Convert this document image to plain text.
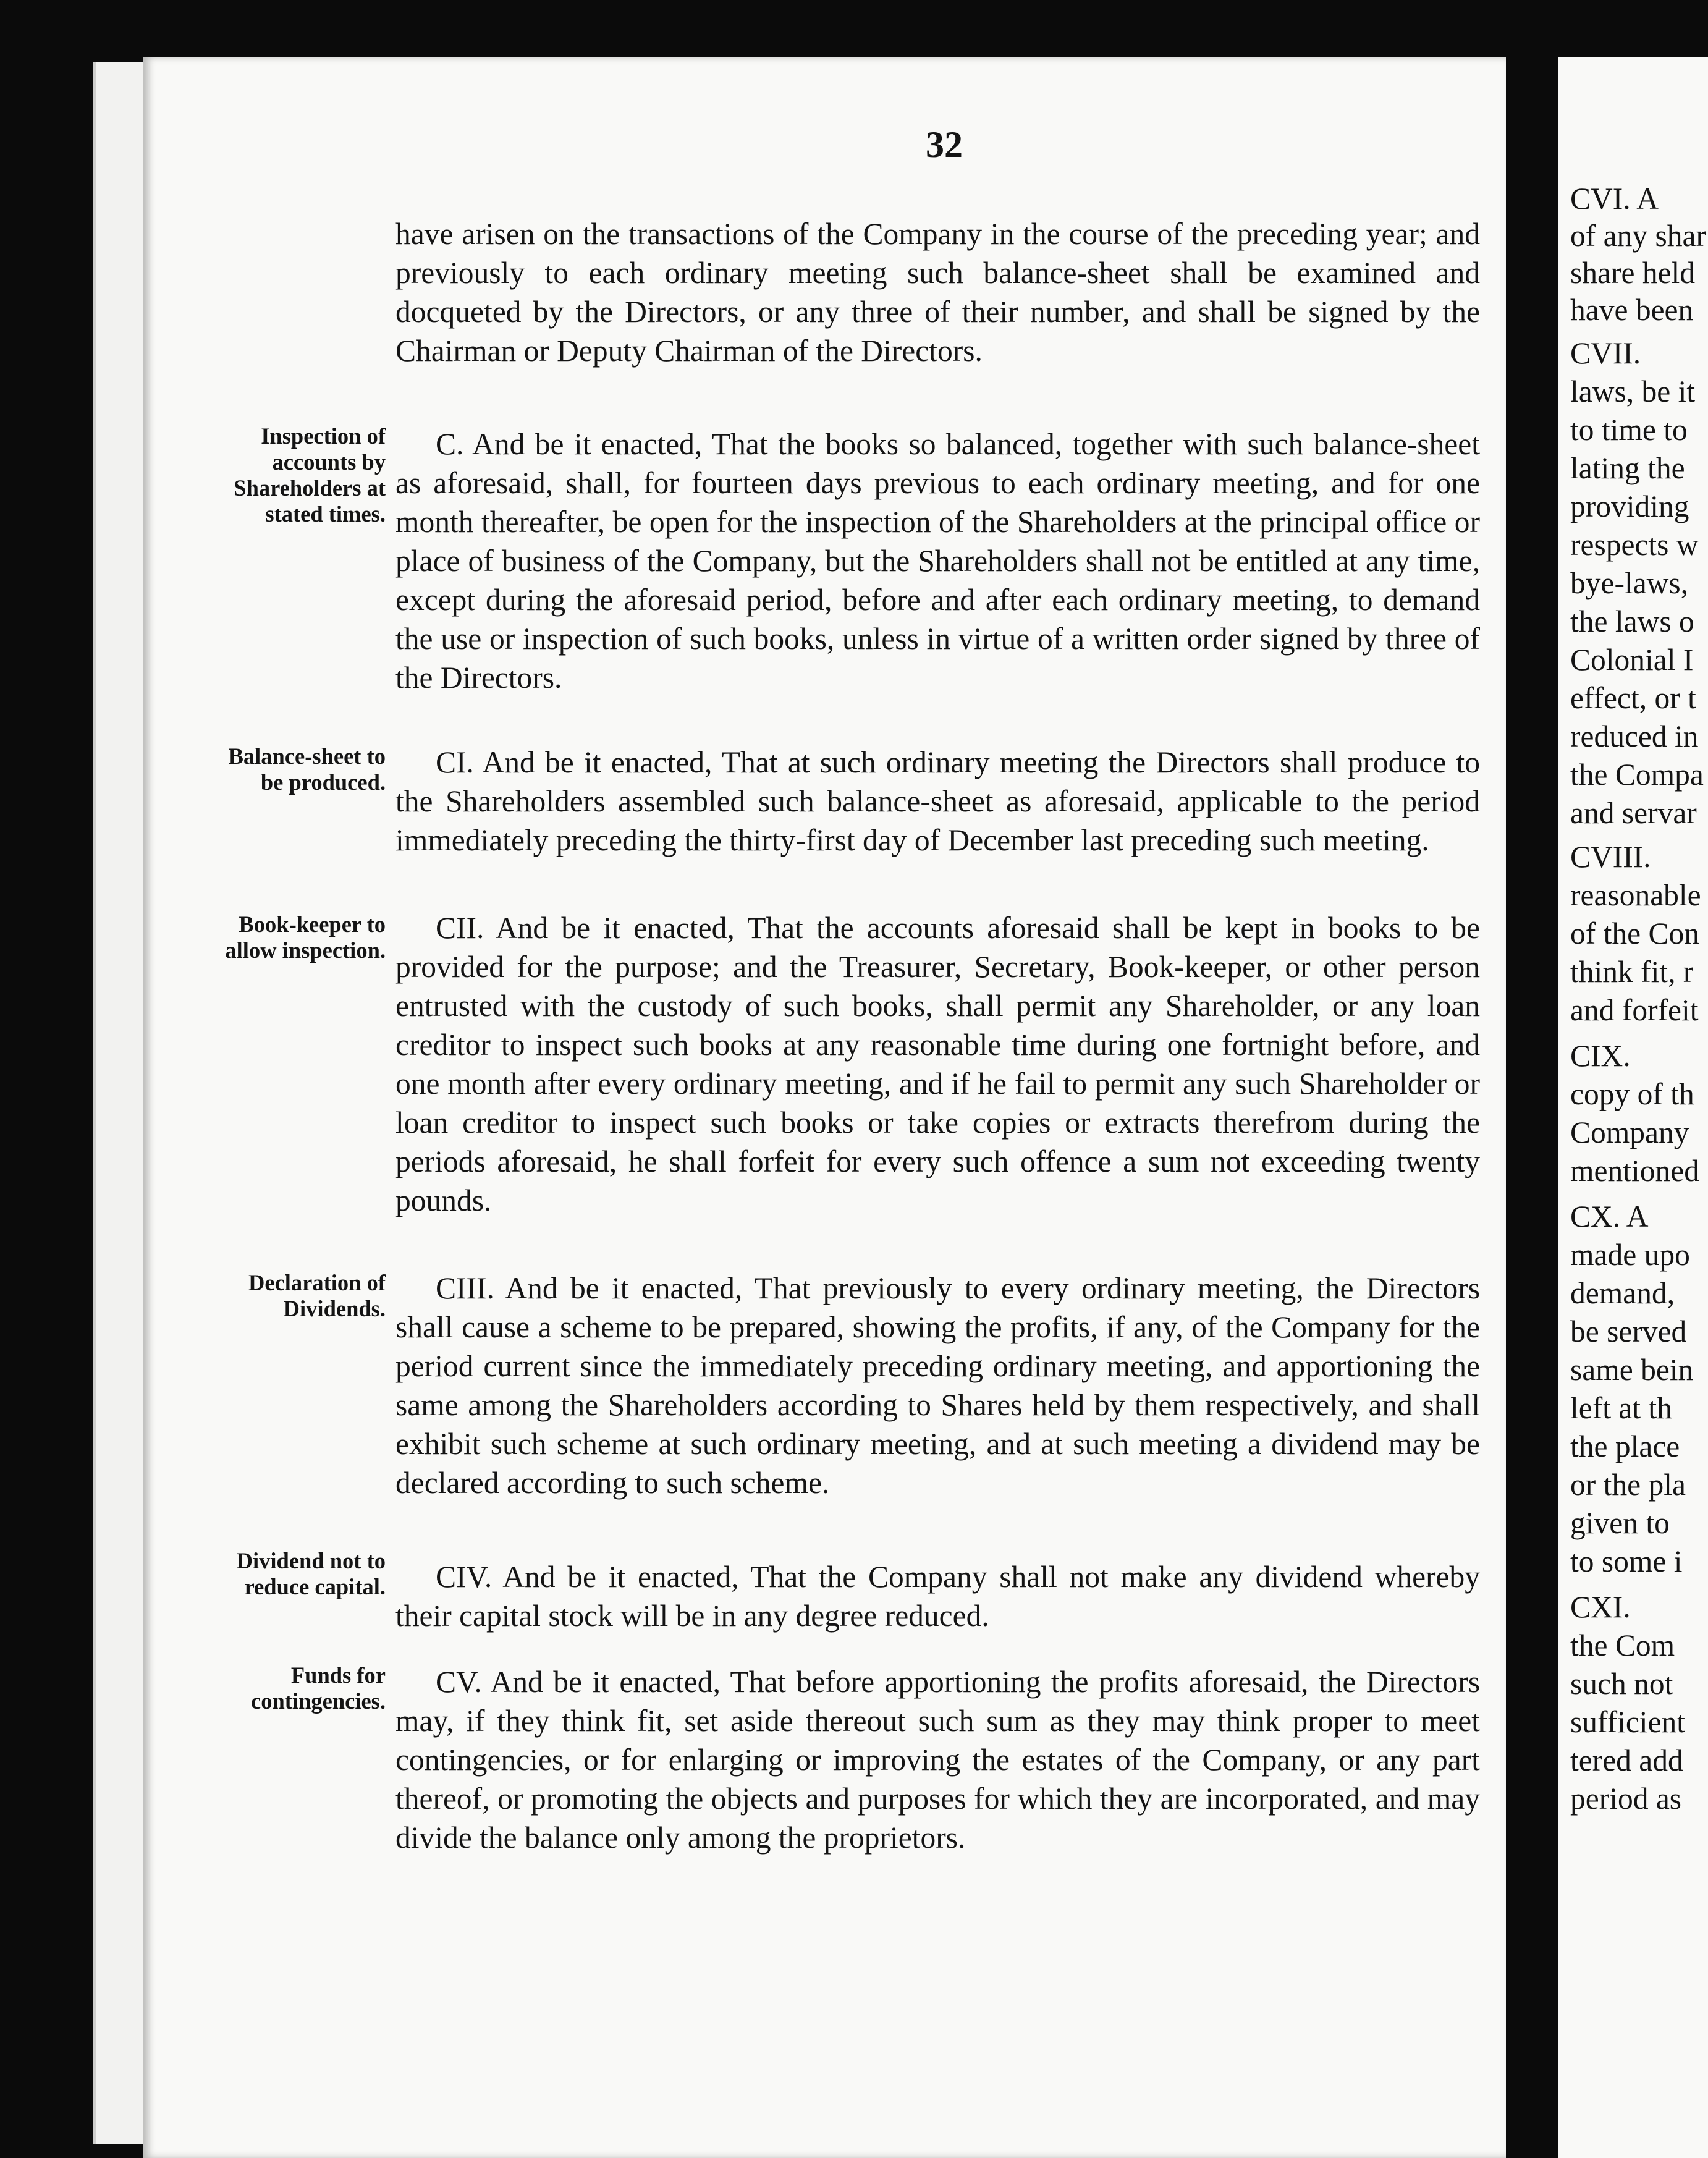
32

have arisen on the transactions of the Company in the course of the preceding year; and previously to each ordinary meeting such balance-sheet shall be examined and docqueted by the Directors, or any three of their number, and shall be signed by the Chairman or Deputy Chairman of the Directors.

Inspection of accounts by Shareholders at stated times.

C. And be it enacted, That the books so balanced, together with such balance-sheet as aforesaid, shall, for fourteen days previous to each ordinary meeting, and for one month thereafter, be open for the inspection of the Shareholders at the principal office or place of business of the Company, but the Shareholders shall not be entitled at any time, except during the aforesaid period, before and after each ordinary meeting, to demand the use or inspection of such books, unless in virtue of a written order signed by three of the Directors.

Balance-sheet to be produced.

CI. And be it enacted, That at such ordinary meeting the Directors shall produce to the Shareholders assembled such balance-sheet as aforesaid, applicable to the period immediately preceding the thirty-first day of December last preceding such meeting.

Book-keeper to allow inspection.

CII. And be it enacted, That the accounts aforesaid shall be kept in books to be provided for the purpose; and the Treasurer, Secretary, Book-keeper, or other person entrusted with the custody of such books, shall permit any Shareholder, or any loan creditor to inspect such books at any reasonable time during one fortnight before, and one month after every ordinary meeting, and if he fail to permit any such Shareholder or loan creditor to inspect such books or take copies or extracts therefrom during the periods aforesaid, he shall forfeit for every such offence a sum not exceeding twenty pounds.

Declaration of Dividends.

CIII. And be it enacted, That previously to every ordinary meeting, the Directors shall cause a scheme to be prepared, showing the profits, if any, of the Company for the period current since the immediately preceding ordinary meeting, and apportioning the same among the Shareholders according to Shares held by them respectively, and shall exhibit such scheme at such ordinary meeting, and at such meeting a dividend may be declared according to such scheme.

Dividend not to reduce capital.	CIV. And be it enacted, That the Company shall not make any dividend whereby their capital stock will be in any degree reduced.

Funds for contingencies.

CV. And be it enacted, That before apportioning the profits aforesaid, the Directors may, if they think fit, set aside thereout such sum as they may think proper to meet contingencies, or for enlarging or improving the estates of the Company, or any part thereof, or promoting the objects and purposes for which they are incorporated, and may divide the balance only among the proprietors.

CVI. A
of any shar
share held
have been
CVII.
laws, be it
to time to
lating the
providing
respects w
bye-laws,
the laws o
Colonial I
effect, or t
reduced in
the Compa
and servar
CVIII.
reasonable
of the Con
think fit, r
and forfeit
CIX.
copy of th
Company
mentioned
CX. A
made upo
demand,
be served
same bein
left at th
the place
or the pla
given to
to some i
CXI.
the Com
such not
sufficient
tered add
period as
